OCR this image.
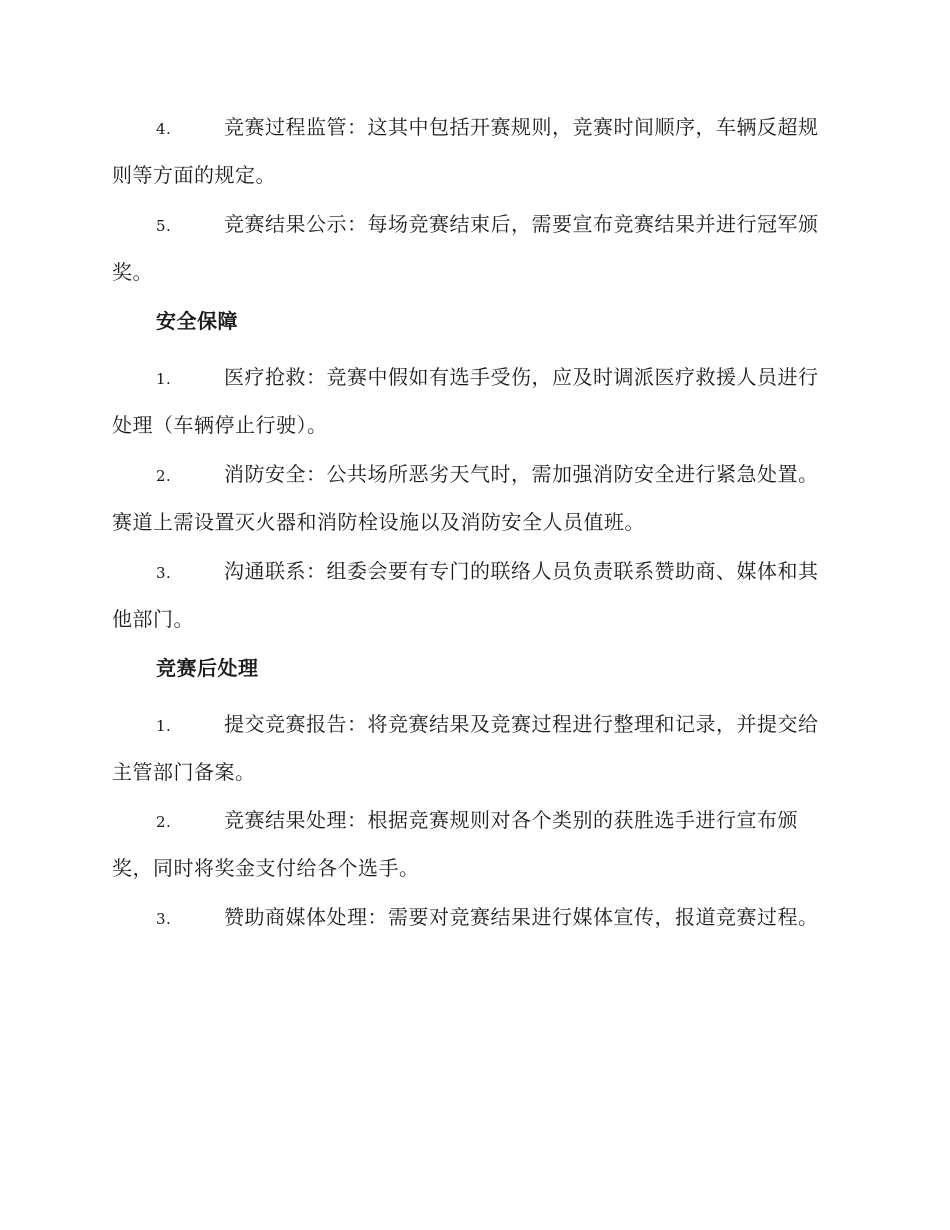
4.	竞赛过程监管：这其中包括开赛规则，竞赛时间顺序，车辆反超规则等方面的规定。

5.	竞赛结果公示：每场竞赛结束后，需要宣布竞赛结果并进行冠军颁奖。

安全保障

1.	医疗抢救：竞赛中假如有选手受伤，应及时调派医疗救援人员进行处理（车辆停止行驶）。

2.	消防安全：公共场所恶劣天气时，需加强消防安全进行紧急处置。赛道上需设置灭火器和消防栓设施以及消防安全人员值班。

3.	沟通联系：组委会要有专门的联络人员负责联系赞助商、媒体和其他部门。

竞赛后处理

1.	提交竞赛报告：将竞赛结果及竞赛过程进行整理和记录，并提交给主管部门备案。

2.	竞赛结果处理：根据竞赛规则对各个类别的获胜选手进行宣布颁奖，同时将奖金支付给各个选手。

3.	赞助商媒体处理：需要对竞赛结果进行媒体宣传，报道竞赛过程。
